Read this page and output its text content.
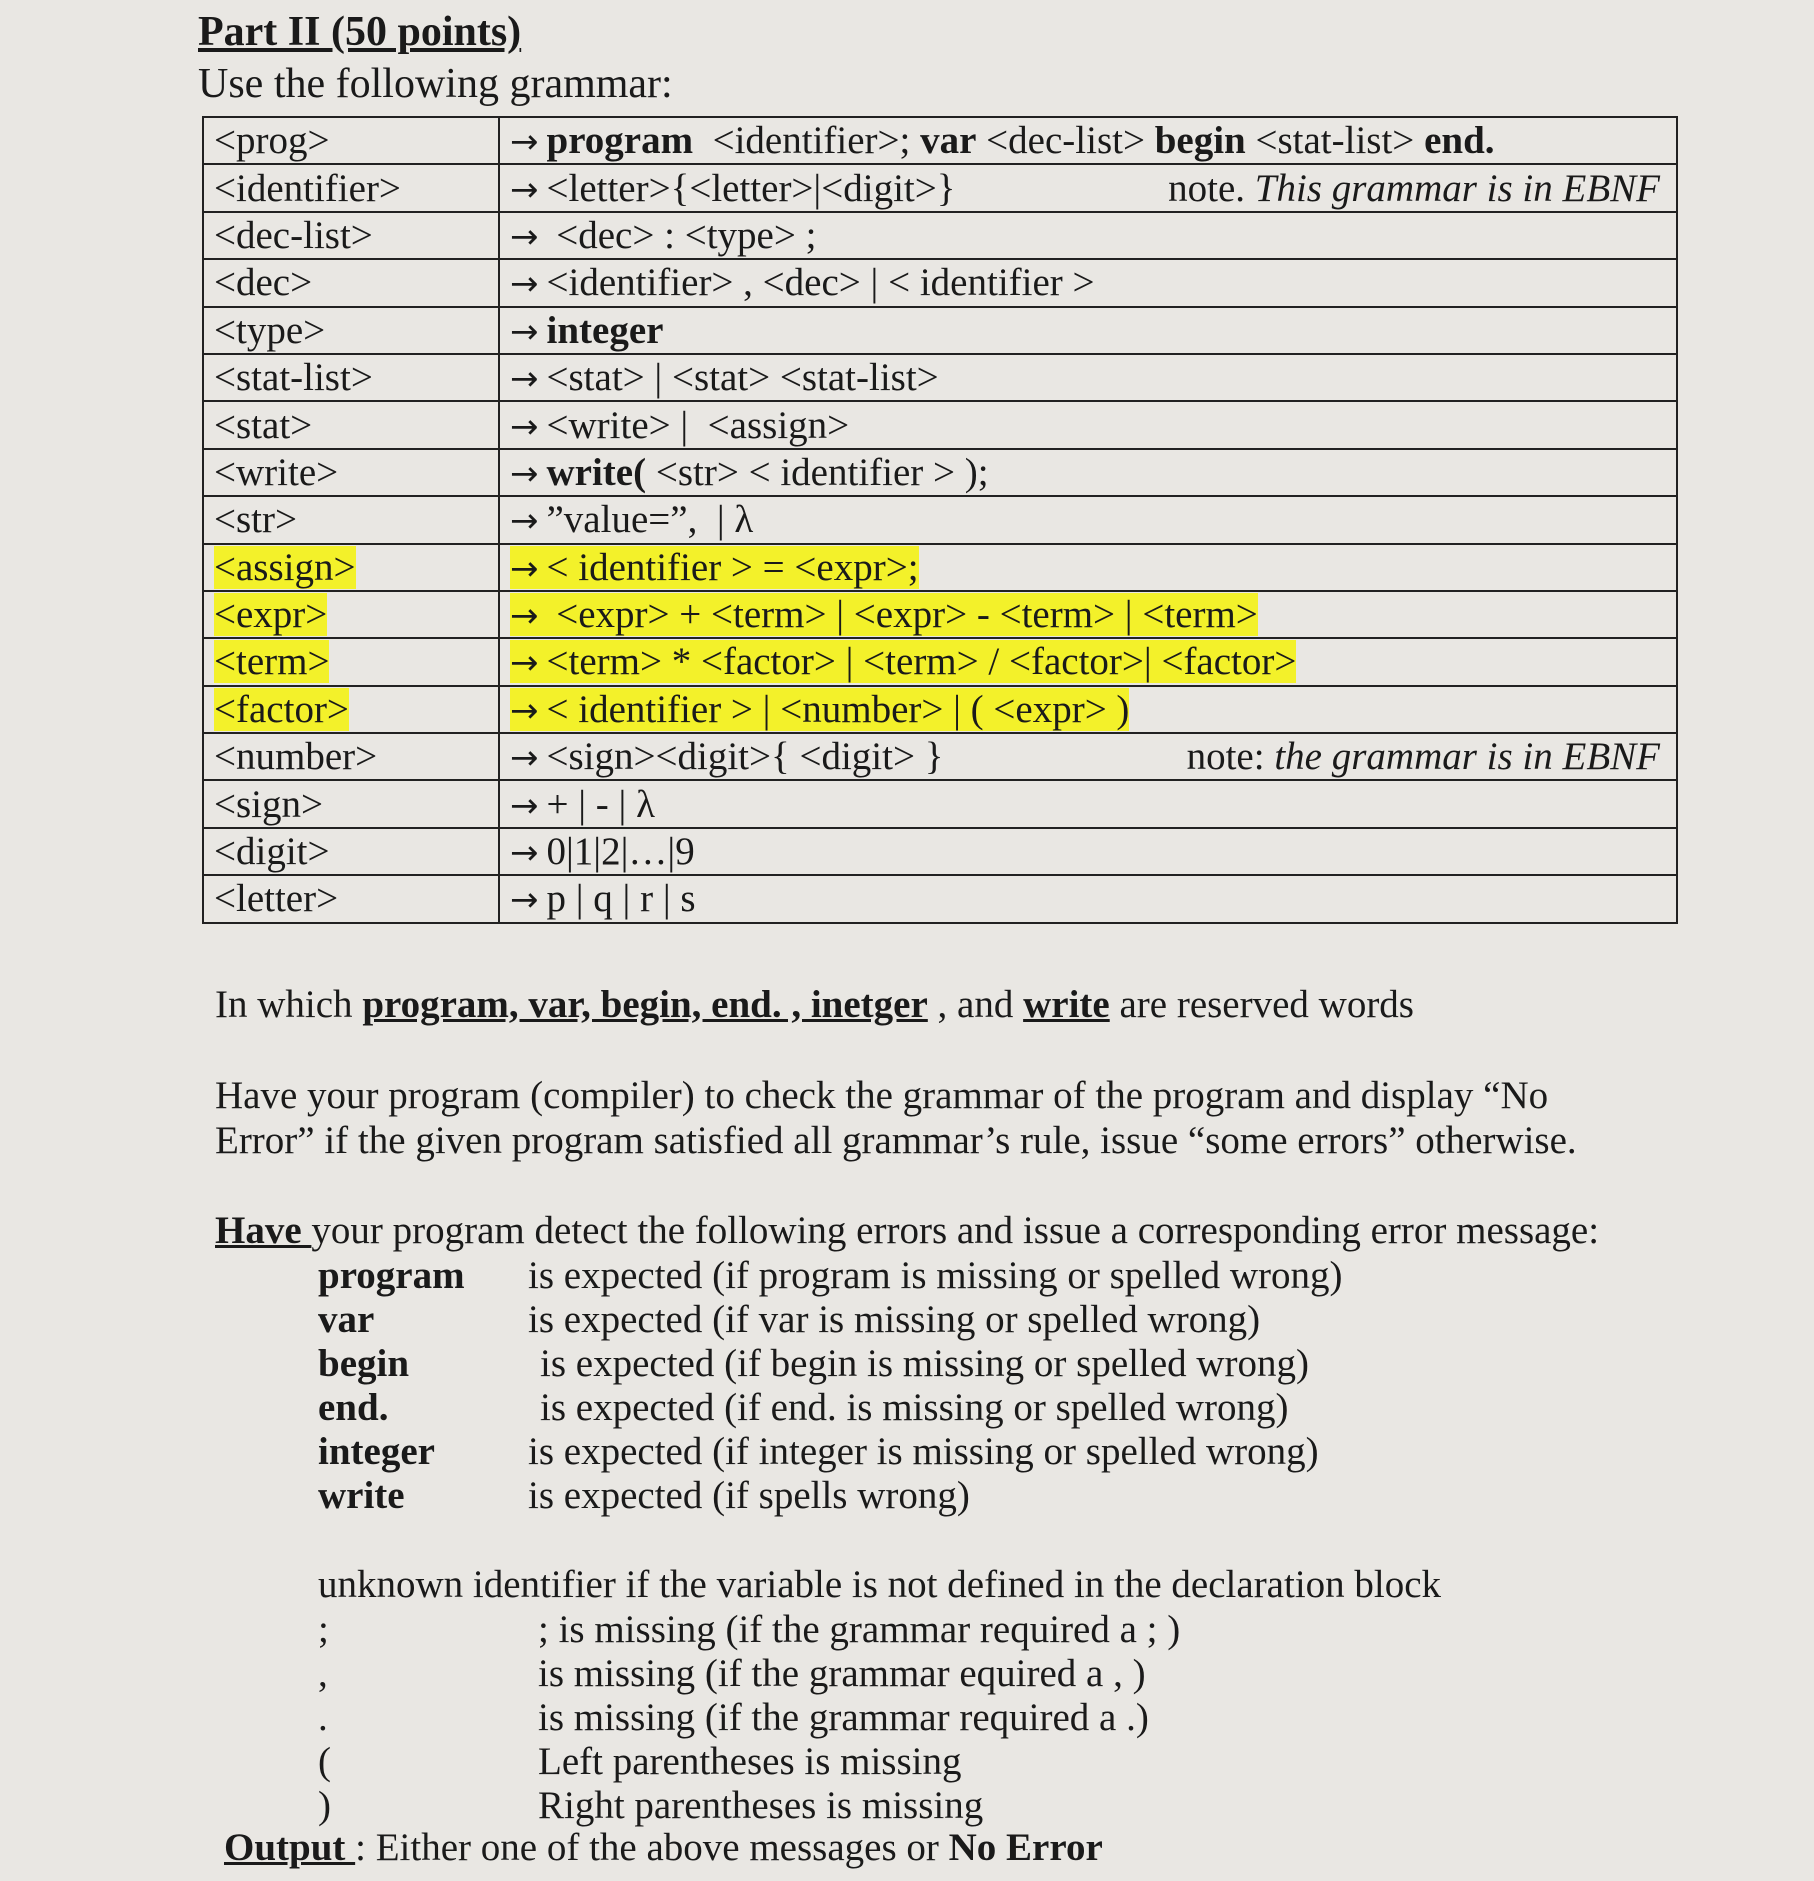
Part II (50 points)
Use the following grammar:
<prog>	→ program  <identifier>; var <dec-list> begin <stat-list> end.
<identifier>	→ <letter>{<letter>|<digit>} note. This grammar is in EBNF

<dec-list>	→ <dec> : <type> ;
<dec>	→ <identifier> , <dec> | < identifier >
<type>	→ integer
<stat-list>	→ <stat> | <stat> <stat-list>
<stat>	→ <write> |  <assign>
<write>	→ write( <str> < identifier > );
<str>	→ ”value=”,  | λ
<assign>	→ < identifier > = <expr>;
<expr>	→ <expr> + <term> | <expr> - <term> | <term>
<term>	→ <term> * <factor> | <term> / <factor>| <factor>
<factor>	→ < identifier > | <number> | ( <expr> )
<number>	→ <sign><digit>{ <digit> } note: the grammar is in EBNF

<sign>	→ + | - | λ
<digit>	→ 0|1|2|…|9
<letter>	→ p | q | r | s
In which program, var, begin, end. , inetger , and write are reserved words

Have your program (compiler) to check the grammar of the program and display “No Error” if the given program satisfied all grammar’s rule, issue “some errors” otherwise.

Have your program detect the following errors and issue a corresponding error message:
program is expected (if program is missing or spelled wrong)
var	is expected (if var is missing or spelled wrong)
begin	is expected (if begin is missing or spelled wrong)
end.	is expected (if end. is missing or spelled wrong)
integer is expected (if integer is missing or spelled wrong)
write	is expected (if spells wrong)
unknown identifier if the variable is not defined in the declaration block
;	; is missing (if the grammar required a ; )
,	is missing (if the grammar equired a , )
.	is missing (if the grammar required a .)
(	Left parentheses is missing
)	Right parentheses is missing
Output : Either one of the above messages or No Error
